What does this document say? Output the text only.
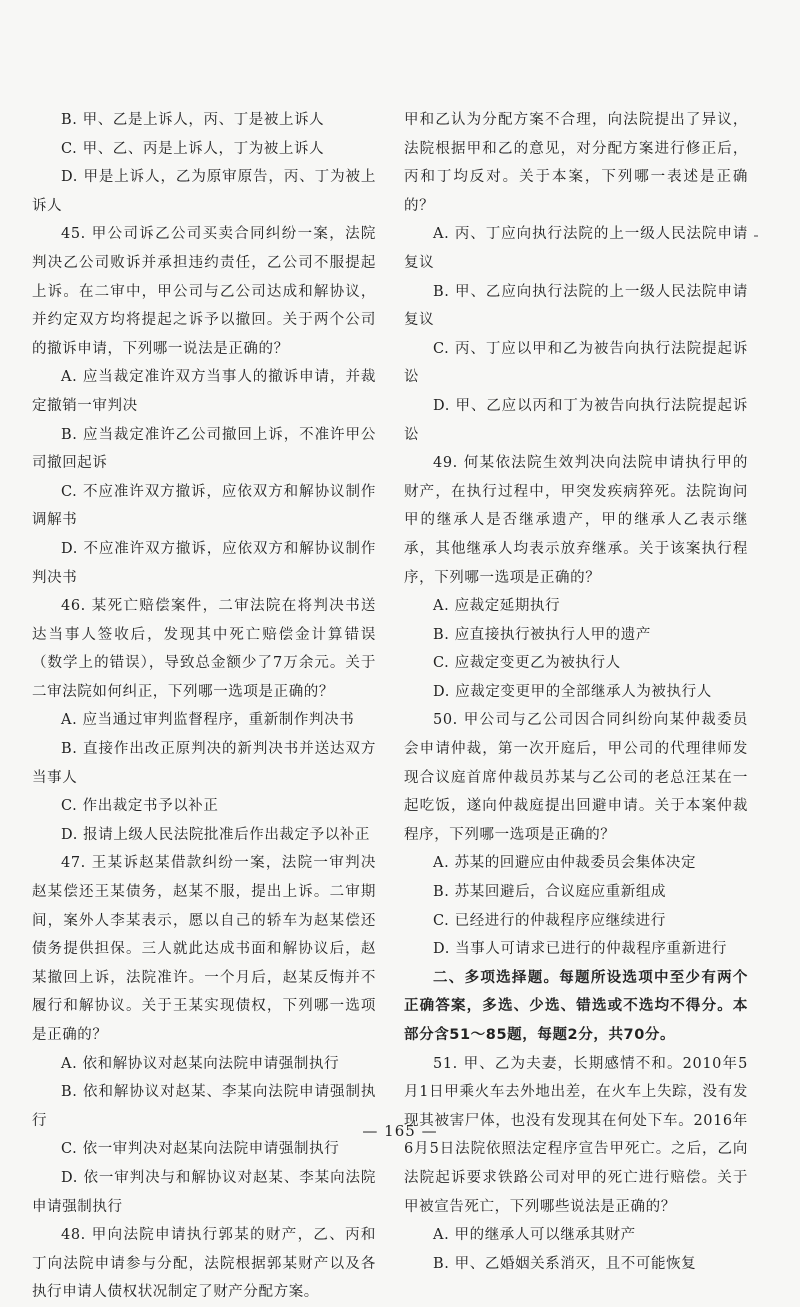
B. 甲、乙是上诉人，丙、丁是被上诉人

C. 甲、乙、丙是上诉人，丁为被上诉人

D. 甲是上诉人，乙为原审原告，丙、丁为被上诉人

45. 甲公司诉乙公司买卖合同纠纷一案，法院判决乙公司败诉并承担违约责任，乙公司不服提起上诉。在二审中，甲公司与乙公司达成和解协议，并约定双方均将提起之诉予以撤回。关于两个公司的撤诉申请，下列哪一说法是正确的？

A. 应当裁定准许双方当事人的撤诉申请，并裁定撤销一审判决

B. 应当裁定准许乙公司撤回上诉，不准许甲公司撤回起诉

C. 不应准许双方撤诉，应依双方和解协议制作调解书

D. 不应准许双方撤诉，应依双方和解协议制作判决书

46. 某死亡赔偿案件，二审法院在将判决书送达当事人签收后，发现其中死亡赔偿金计算错误（数学上的错误），导致总金额少了7万余元。关于二审法院如何纠正，下列哪一选项是正确的？

A. 应当通过审判监督程序，重新制作判决书

B. 直接作出改正原判决的新判决书并送达双方当事人

C. 作出裁定书予以补正

D. 报请上级人民法院批准后作出裁定予以补正

47. 王某诉赵某借款纠纷一案，法院一审判决赵某偿还王某债务，赵某不服，提出上诉。二审期间，案外人李某表示，愿以自己的轿车为赵某偿还债务提供担保。三人就此达成书面和解协议后，赵某撤回上诉，法院准许。一个月后，赵某反悔并不履行和解协议。关于王某实现债权，下列哪一选项是正确的？

A. 依和解协议对赵某向法院申请强制执行

B. 依和解协议对赵某、李某向法院申请强制执行

C. 依一审判决对赵某向法院申请强制执行

D. 依一审判决与和解协议对赵某、李某向法院申请强制执行

48. 甲向法院申请执行郭某的财产，乙、丙和丁向法院申请参与分配，法院根据郭某财产以及各执行申请人债权状况制定了财产分配方案。

甲和乙认为分配方案不合理，向法院提出了异议，法院根据甲和乙的意见，对分配方案进行修正后，丙和丁均反对。关于本案，下列哪一表述是正确的？

A. 丙、丁应向执行法院的上一级人民法院申请复议

B. 甲、乙应向执行法院的上一级人民法院申请复议

C. 丙、丁应以甲和乙为被告向执行法院提起诉讼

D. 甲、乙应以丙和丁为被告向执行法院提起诉讼

49. 何某依法院生效判决向法院申请执行甲的财产，在执行过程中，甲突发疾病猝死。法院询问甲的继承人是否继承遗产，甲的继承人乙表示继承，其他继承人均表示放弃继承。关于该案执行程序，下列哪一选项是正确的？

A. 应裁定延期执行

B. 应直接执行被执行人甲的遗产

C. 应裁定变更乙为被执行人

D. 应裁定变更甲的全部继承人为被执行人

50. 甲公司与乙公司因合同纠纷向某仲裁委员会申请仲裁，第一次开庭后，甲公司的代理律师发现合议庭首席仲裁员苏某与乙公司的老总汪某在一起吃饭，遂向仲裁庭提出回避申请。关于本案仲裁程序，下列哪一选项是正确的？

A. 苏某的回避应由仲裁委员会集体决定

B. 苏某回避后，合议庭应重新组成

C. 已经进行的仲裁程序应继续进行

D. 当事人可请求已进行的仲裁程序重新进行

二、多项选择题。每题所设选项中至少有两个正确答案，多选、少选、错选或不选均不得分。本部分含51～85题，每题2分，共70分。

51. 甲、乙为夫妻，长期感情不和。2010年5月1日甲乘火车去外地出差，在火车上失踪，没有发现其被害尸体，也没有发现其在何处下车。2016年6月5日法院依照法定程序宣告甲死亡。之后，乙向法院起诉要求铁路公司对甲的死亡进行赔偿。关于甲被宣告死亡，下列哪些说法是正确的？

A. 甲的继承人可以继承其财产

B. 甲、乙婚姻关系消灭，且不可能恢复

— 165 —
